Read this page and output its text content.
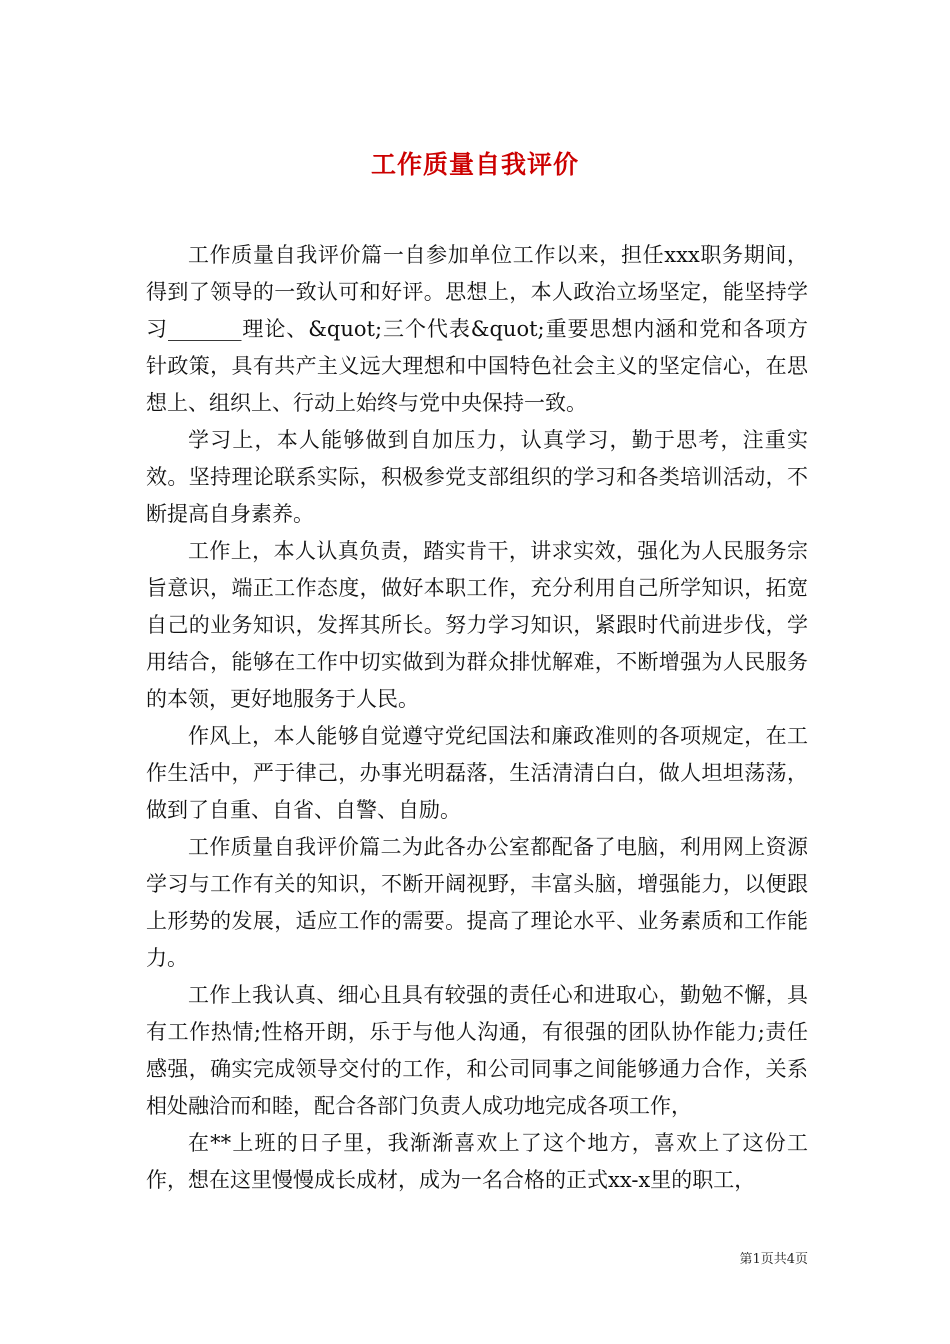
工作质量自我评价

工作质量自我评价篇一自参加单位工作以来，担任xxx职务期间，得到了领导的一致认可和好评。思想上，本人政治立场坚定，能坚持学习_______理论、&quot;三个代表&quot;重要思想内涵和党和各项方针政策，具有共产主义远大理想和中国特色社会主义的坚定信心，在思想上、组织上、行动上始终与党中央保持一致。

学习上，本人能够做到自加压力，认真学习，勤于思考，注重实效。坚持理论联系实际，积极参党支部组织的学习和各类培训活动，不断提高自身素养。

工作上，本人认真负责，踏实肯干，讲求实效，强化为人民服务宗旨意识，端正工作态度，做好本职工作，充分利用自己所学知识，拓宽自己的业务知识，发挥其所长。努力学习知识，紧跟时代前进步伐，学用结合，能够在工作中切实做到为群众排忧解难，不断增强为人民服务的本领，更好地服务于人民。

作风上，本人能够自觉遵守党纪国法和廉政准则的各项规定，在工作生活中，严于律己，办事光明磊落，生活清清白白，做人坦坦荡荡，做到了自重、自省、自警、自励。

工作质量自我评价篇二为此各办公室都配备了电脑，利用网上资源学习与工作有关的知识，不断开阔视野，丰富头脑，增强能力，以便跟上形势的发展，适应工作的需要。提高了理论水平、业务素质和工作能力。

工作上我认真、细心且具有较强的责任心和进取心，勤勉不懈，具有工作热情;性格开朗，乐于与他人沟通，有很强的团队协作能力;责任感强，确实完成领导交付的工作，和公司同事之间能够通力合作，关系相处融洽而和睦，配合各部门负责人成功地完成各项工作，

在**上班的日子里，我渐渐喜欢上了这个地方，喜欢上了这份工作，想在这里慢慢成长成材，成为一名合格的正式xx-x里的职工，

第1页共4页
